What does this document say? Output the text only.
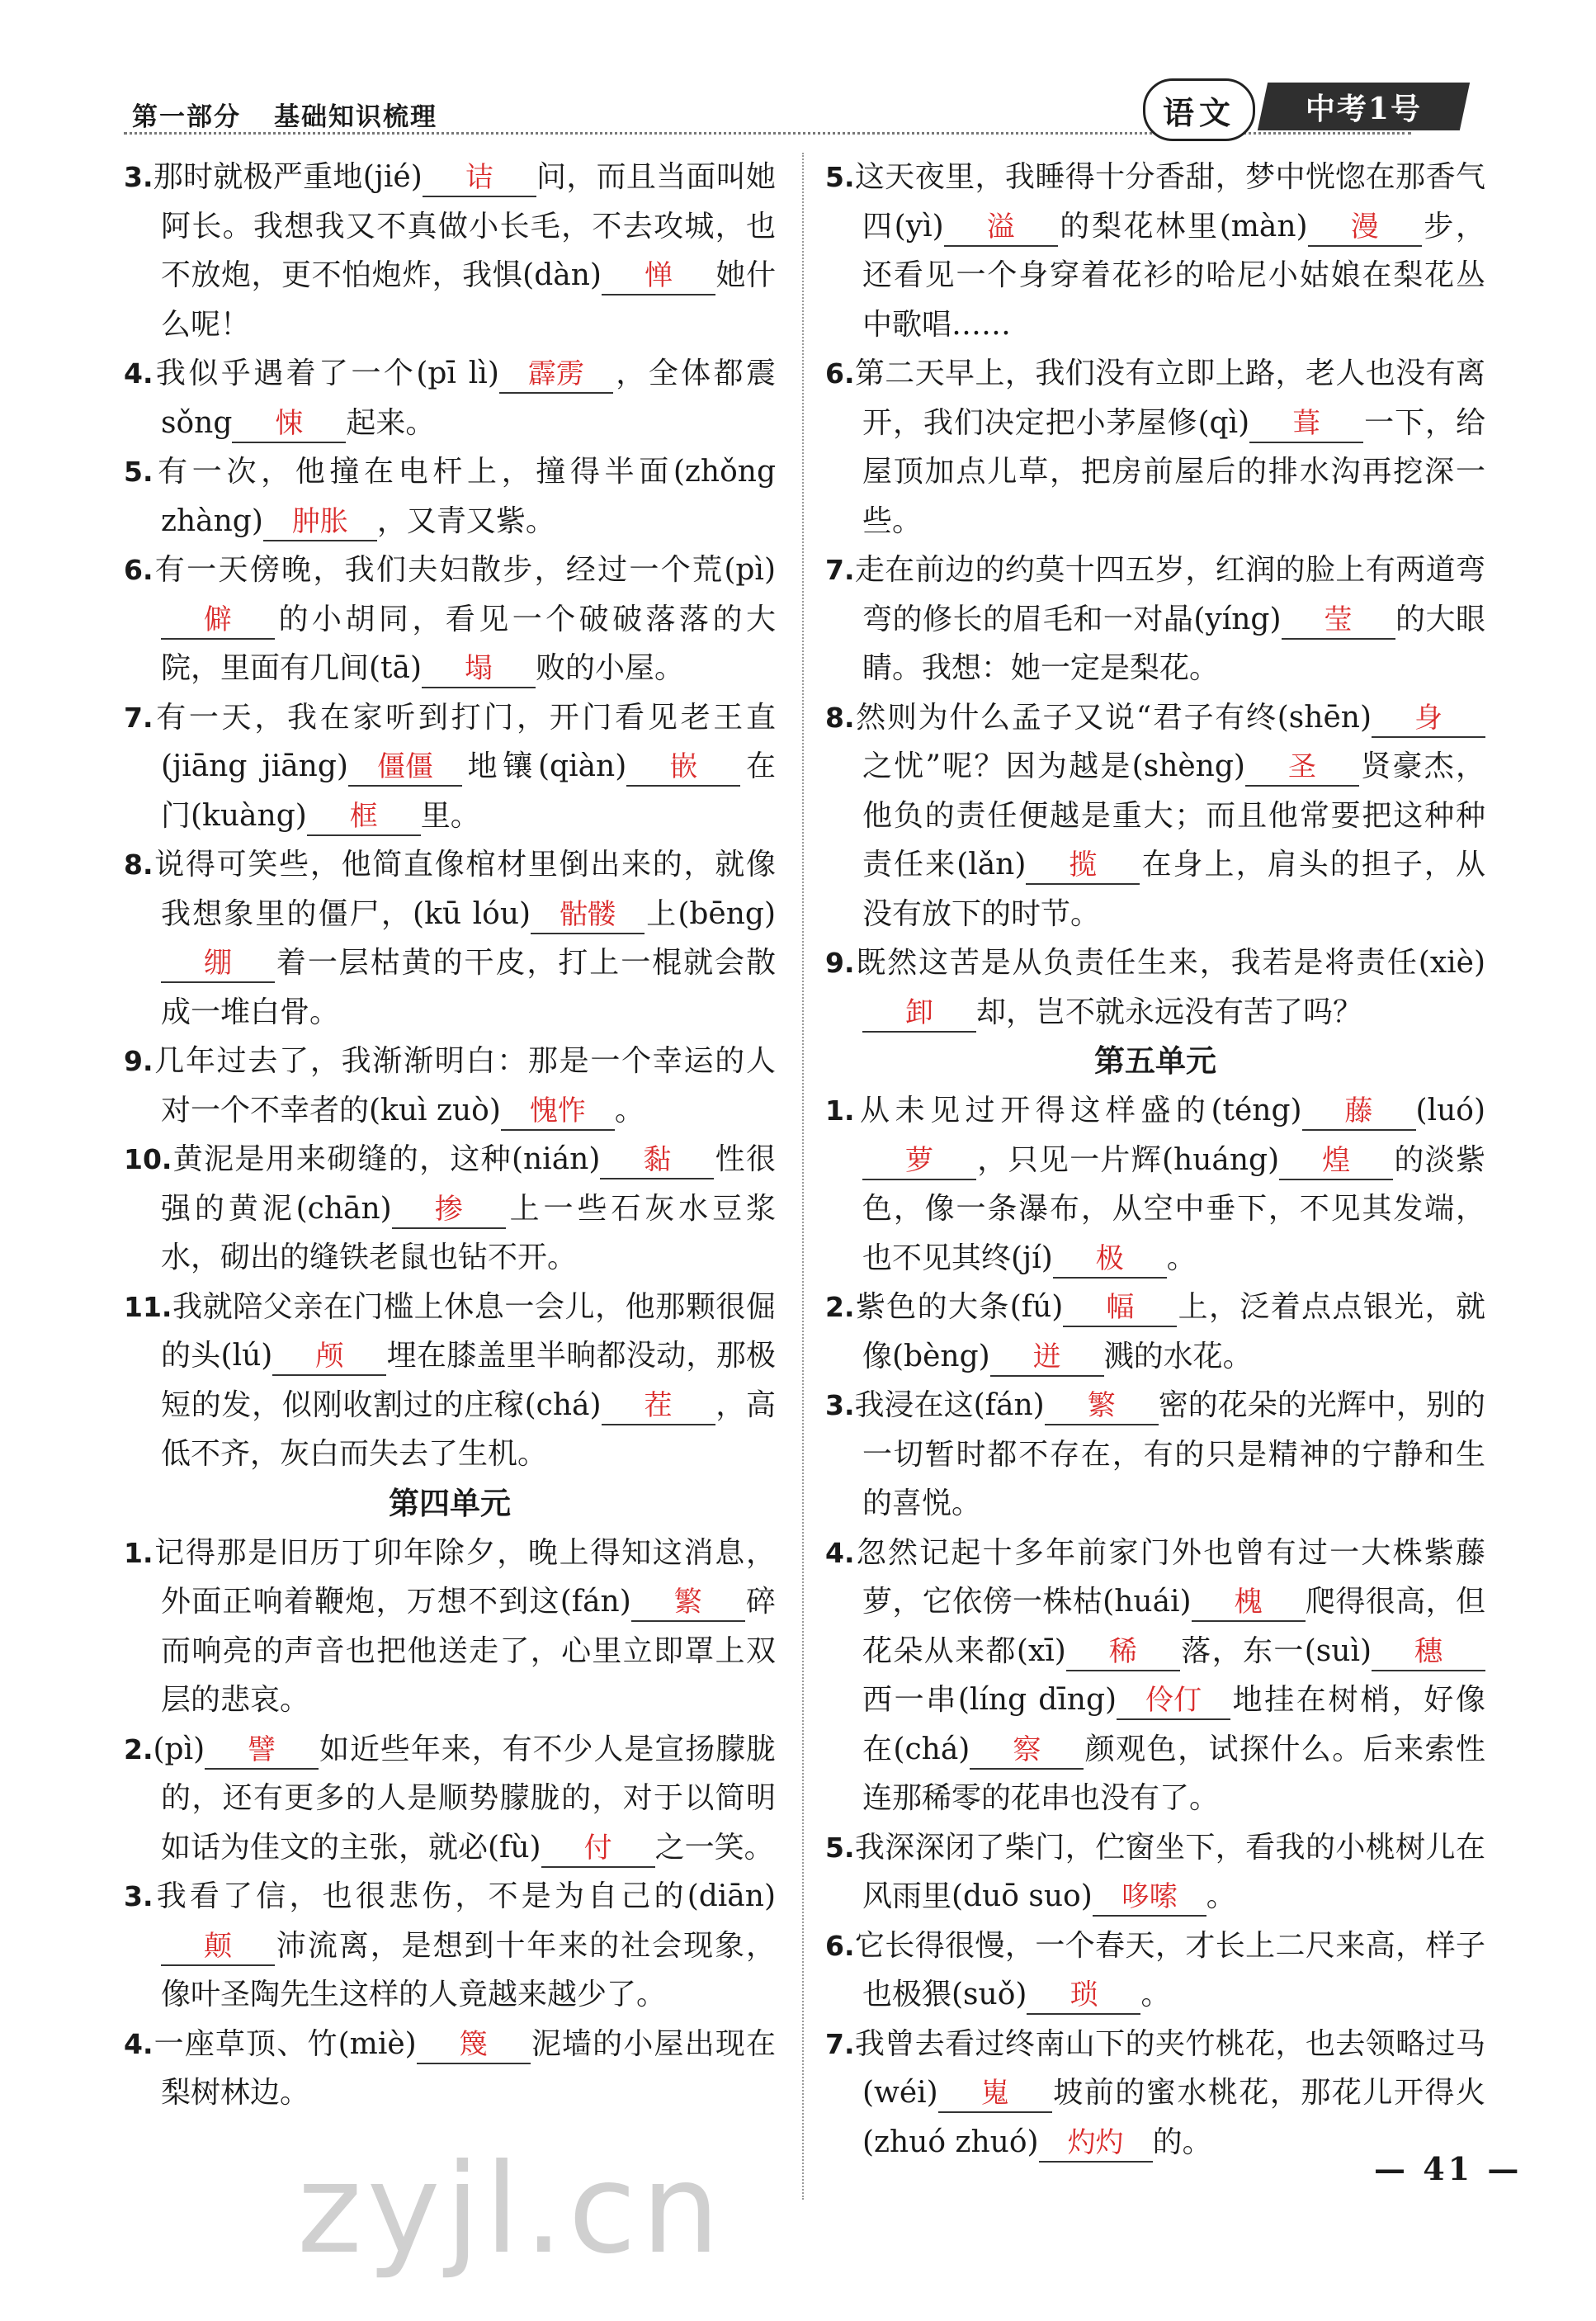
第一部分 基础知识梳理	语文	中考1号

3.那时就极严重地(jié) 诘 问，而且当面叫她阿长。我想我又不真做小长毛，不去攻城，也不放炮，更不怕炮炸，我惧(dàn) 惮 她什么呢！

4.我似乎遇着了一个(pī lì) 霹雳 ，全体都震sǒng 悚 起来。

5.有一次，他撞在电杆上，撞得半面(zhǒng zhàng) 肿胀 ，又青又紫。

6.有一天傍晚，我们夫妇散步，经过一个荒(pì)僻 的小胡同，看见一个破破落落的大院，里面有几间(tā) 塌 败的小屋。

7.有一天，我在家听到打门，开门看见老王直(jiāng jiāng) 僵僵 地镶(qiàn) 嵌 在门(kuàng) 框 里。

8.说得可笑些，他简直像棺材里倒出来的，就像我想象里的僵尸，(kū lóu) 骷髅 上(bēng)绷 着一层枯黄的干皮，打上一棍就会散成一堆白骨。

9.几年过去了，我渐渐明白：那是一个幸运的人对一个不幸者的(kuì zuò) 愧怍 。

10.黄泥是用来砌缝的，这种(nián) 黏 性很强的黄泥(chān) 掺 上一些石灰水豆浆水，砌出的缝铁老鼠也钻不开。

11.我就陪父亲在门槛上休息一会儿，他那颗很倔的头(lú) 颅 埋在膝盖里半晌都没动，那极短的发，似刚收割过的庄稼(chá) 茬 ，高低不齐，灰白而失去了生机。

第四单元

1.记得那是旧历丁卯年除夕，晚上得知这消息，外面正响着鞭炮，万想不到这(fán) 繁 碎而响亮的声音也把他送走了，心里立即罩上双层的悲哀。

2.(pì) 譬 如近些年来，有不少人是宣扬朦胧的，还有更多的人是顺势朦胧的，对于以简明如话为佳文的主张，就必(fù) 付 之一笑。

3.我看了信，也很悲伤，不是为自己的(diān)颠 沛流离，是想到十年来的社会现象，像叶圣陶先生这样的人竟越来越少了。

4.一座草顶、竹(miè) 篾 泥墙的小屋出现在梨树林边。

5.这天夜里，我睡得十分香甜，梦中恍惚在那香气四(yì) 溢 的梨花林里(màn) 漫 步，还看见一个身穿着花衫的哈尼小姑娘在梨花丛中歌唱……

6.第二天早上，我们没有立即上路，老人也没有离开，我们决定把小茅屋修(qì) 葺 一下，给屋顶加点儿草，把房前屋后的排水沟再挖深一些。

7.走在前边的约莫十四五岁，红润的脸上有两道弯弯的修长的眉毛和一对晶(yíng) 莹 的大眼睛。我想：她一定是梨花。

8.然则为什么孟子又说“君子有终(shēn) 身之忧”呢？因为越是(shèng) 圣 贤豪杰，他负的责任便越是重大；而且他常要把这种种责任来(lǎn) 揽 在身上，肩头的担子，从没有放下的时节。

9.既然这苦是从负责任生来，我若是将责任(xiè)卸 却，岂不就永远没有苦了吗？

第五单元

1.从未见过开得这样盛的(téng) 藤 (luó)萝 ，只见一片辉(huáng) 煌 的淡紫色，像一条瀑布，从空中垂下，不见其发端，也不见其终(jí) 极 。

2.紫色的大条(fú) 幅 上，泛着点点银光，就像(bèng) 迸 溅的水花。

3.我浸在这(fán) 繁 密的花朵的光辉中，别的一切暂时都不存在，有的只是精神的宁静和生的喜悦。

4.忽然记起十多年前家门外也曾有过一大株紫藤萝，它依傍一株枯(huái) 槐 爬得很高，但花朵从来都(xī) 稀 落，东一(suì) 穗西一串(líng dīng) 伶仃 地挂在树梢，好像在(chá) 察 颜观色，试探什么。后来索性连那稀零的花串也没有了。

5.我深深闭了柴门，伫窗坐下，看我的小桃树儿在风雨里(duō suo) 哆嗦 。

6.它长得很慢，一个春天，才长上二尺来高，样子也极猥(suǒ) 琐 。

7.我曾去看过终南山下的夹竹桃花，也去领略过马(wéi) 嵬 坡前的蜜水桃花，那花儿开得火(zhuó zhuó) 灼灼 的。

zyjl.cn	— 41 —
